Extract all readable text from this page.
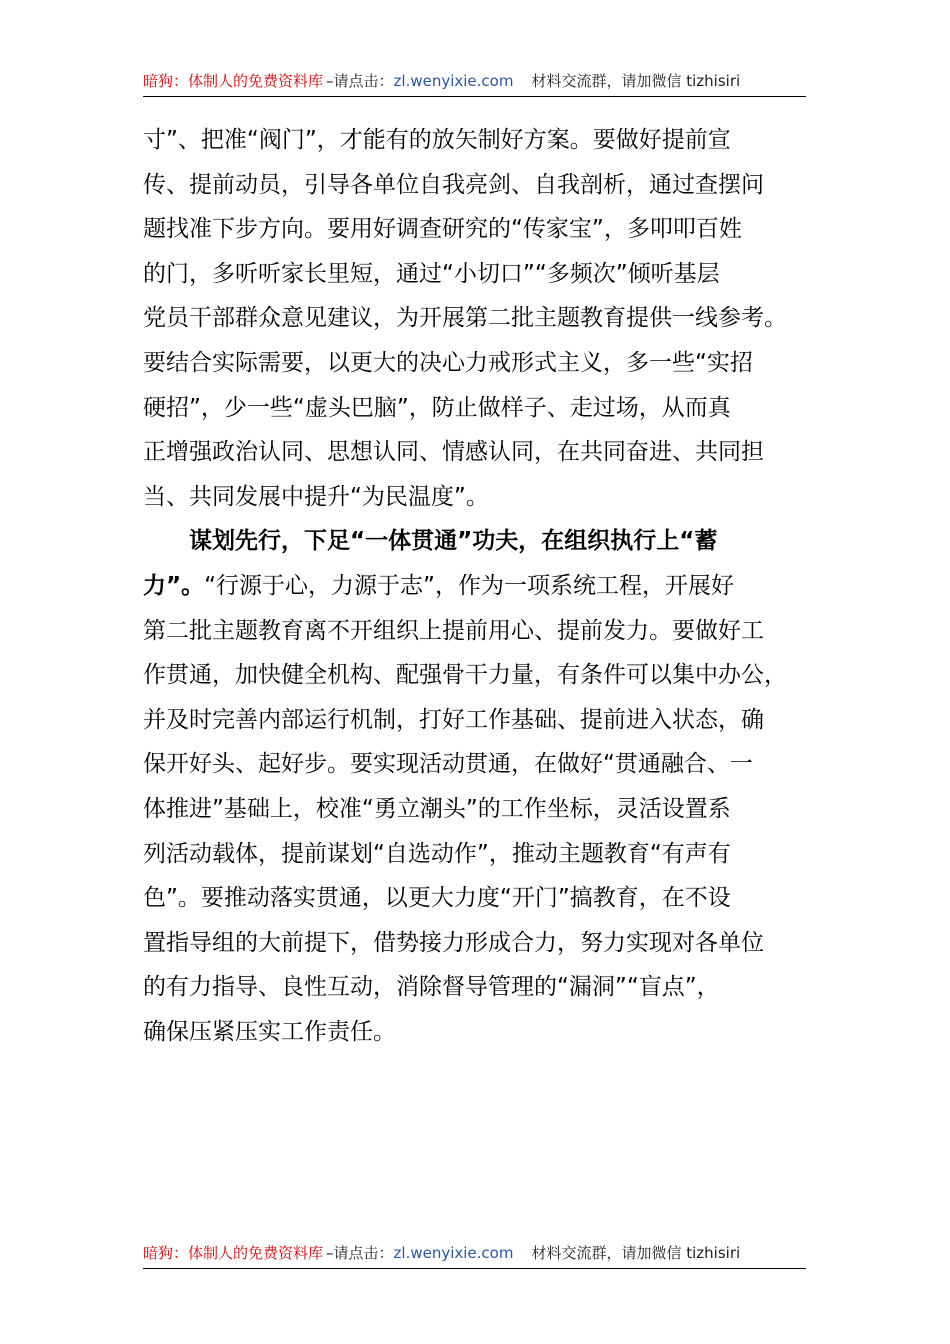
暗狗：体制人的免费资料库 –请点击：zl.wenyixie.com 材料交流群，请加微信 tizhisiri
寸”、把准“阀门”，才能有的放矢制好方案。要做好提前宣
传、提前动员，引导各单位自我亮剑、自我剖析，通过查摆问
题找准下步方向。要用好调查研究的“传家宝”，多叩叩百姓
的门，多听听家长里短，通过“小切口”“多频次”倾听基层
党员干部群众意见建议，为开展第二批主题教育提供一线参考。
要结合实际需要，以更大的决心力戒形式主义，多一些“实招
硬招”，少一些“虚头巴脑”，防止做样子、走过场，从而真
正增强政治认同、思想认同、情感认同，在共同奋进、共同担
当、共同发展中提升“为民温度”。
谋划先行，下足“一体贯通”功夫，在组织执行上“蓄
力”。“行源于心，力源于志”，作为一项系统工程，开展好
第二批主题教育离不开组织上提前用心、提前发力。要做好工
作贯通，加快健全机构、配强骨干力量，有条件可以集中办公，
并及时完善内部运行机制，打好工作基础、提前进入状态，确
保开好头、起好步。要实现活动贯通，在做好“贯通融合、一
体推进”基础上，校准“勇立潮头”的工作坐标，灵活设置系
列活动载体，提前谋划“自选动作”，推动主题教育“有声有
色”。要推动落实贯通，以更大力度“开门”搞教育，在不设
置指导组的大前提下，借势接力形成合力，努力实现对各单位
的有力指导、良性互动，消除督导管理的“漏洞”“盲点”，
确保压紧压实工作责任。
暗狗：体制人的免费资料库 –请点击：zl.wenyixie.com 材料交流群，请加微信 tizhisiri
